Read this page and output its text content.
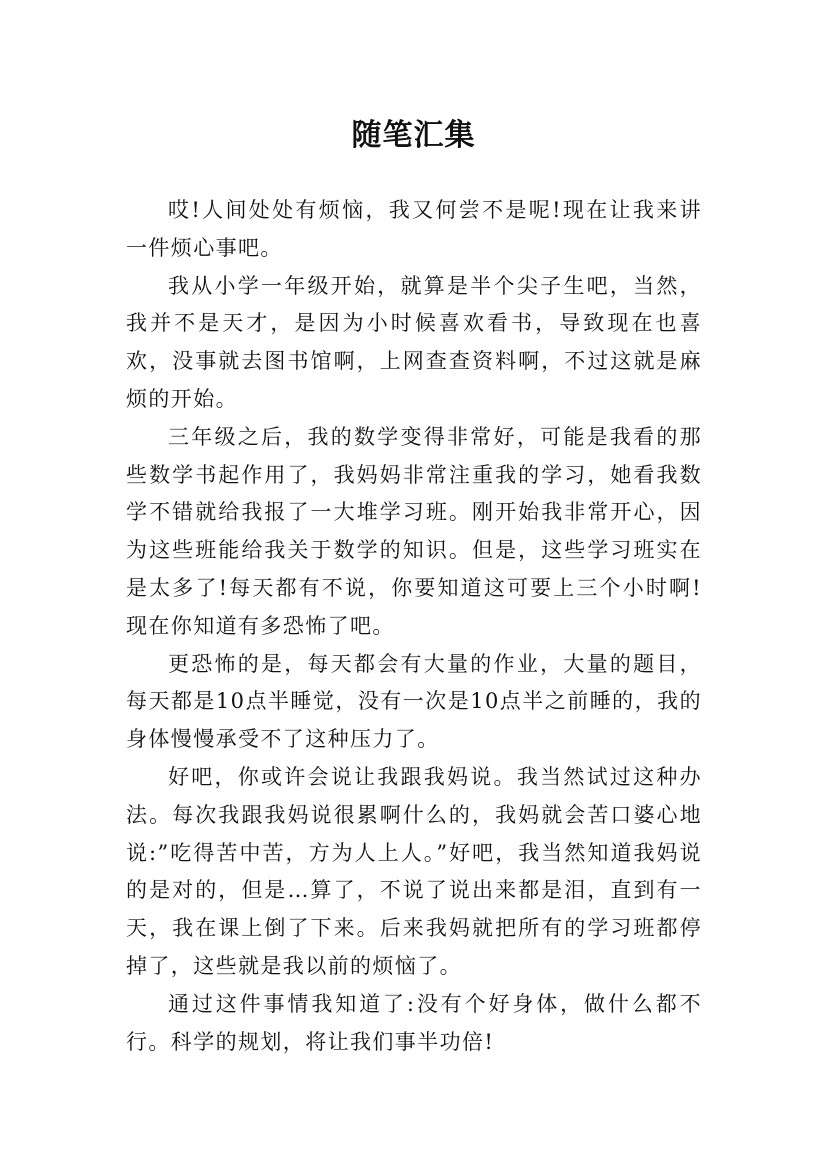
随笔汇集

哎!人间处处有烦恼，我又何尝不是呢!现在让我来讲一件烦心事吧。

我从小学一年级开始，就算是半个尖子生吧，当然，我并不是天才，是因为小时候喜欢看书，导致现在也喜欢，没事就去图书馆啊，上网查查资料啊，不过这就是麻烦的开始。

三年级之后，我的数学变得非常好，可能是我看的那些数学书起作用了，我妈妈非常注重我的学习，她看我数学不错就给我报了一大堆学习班。刚开始我非常开心，因为这些班能给我关于数学的知识。但是，这些学习班实在是太多了!每天都有不说，你要知道这可要上三个小时啊!现在你知道有多恐怖了吧。

更恐怖的是，每天都会有大量的作业，大量的题目，每天都是10点半睡觉，没有一次是10点半之前睡的，我的身体慢慢承受不了这种压力了。

好吧，你或许会说让我跟我妈说。我当然试过这种办法。每次我跟我妈说很累啊什么的，我妈就会苦口婆心地说:”吃得苦中苦，方为人上人。”好吧，我当然知道我妈说的是对的，但是…算了，不说了说出来都是泪，直到有一天，我在课上倒了下来。后来我妈就把所有的学习班都停掉了，这些就是我以前的烦恼了。

通过这件事情我知道了:没有个好身体，做什么都不行。科学的规划，将让我们事半功倍!
